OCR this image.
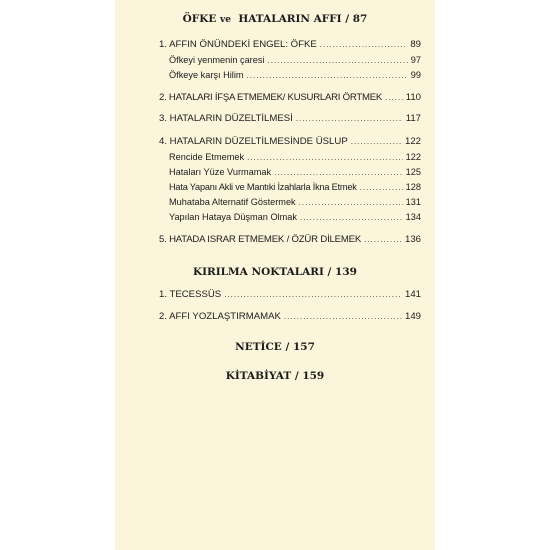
ÖFKE ve HATALARIN AFFI / 87
1. AFFIN ÖNÜNDEKİ ENGEL: ÖFKE .....	89
Öfkeyi yenmenin çaresi .....	97
Öfkeye karşı Hilim .....	99
2. HATALARI İFŞA ETMEMEK/ KUSURLARI ÖRTMEK ..... 110
3. HATALARIN DÜZELTİLMESİ .....	117
4. HATALARIN DÜZELTİLMESİNDE ÜSLUP .....	122
Rencide Etmemek .....	122
Hataları Yüze Vurmamak .....	125
Hata Yapanı Akli ve Mantıki İzahlarla İkna Etmek .....	128
Muhataba Alternatif Göstermek .....	131
Yapılan Hataya Düşman Olmak .....	134
5. HATADA ISRAR ETMEMEK / ÖZÜR DİLEMEK .....	136
KIRILMA NOKTALARI / 139
1. TECESSÜS .....	141
2. AFFI YOZLAŞTIRMAMAK .....	149
NETİCE / 157
KİTABİYAT / 159
